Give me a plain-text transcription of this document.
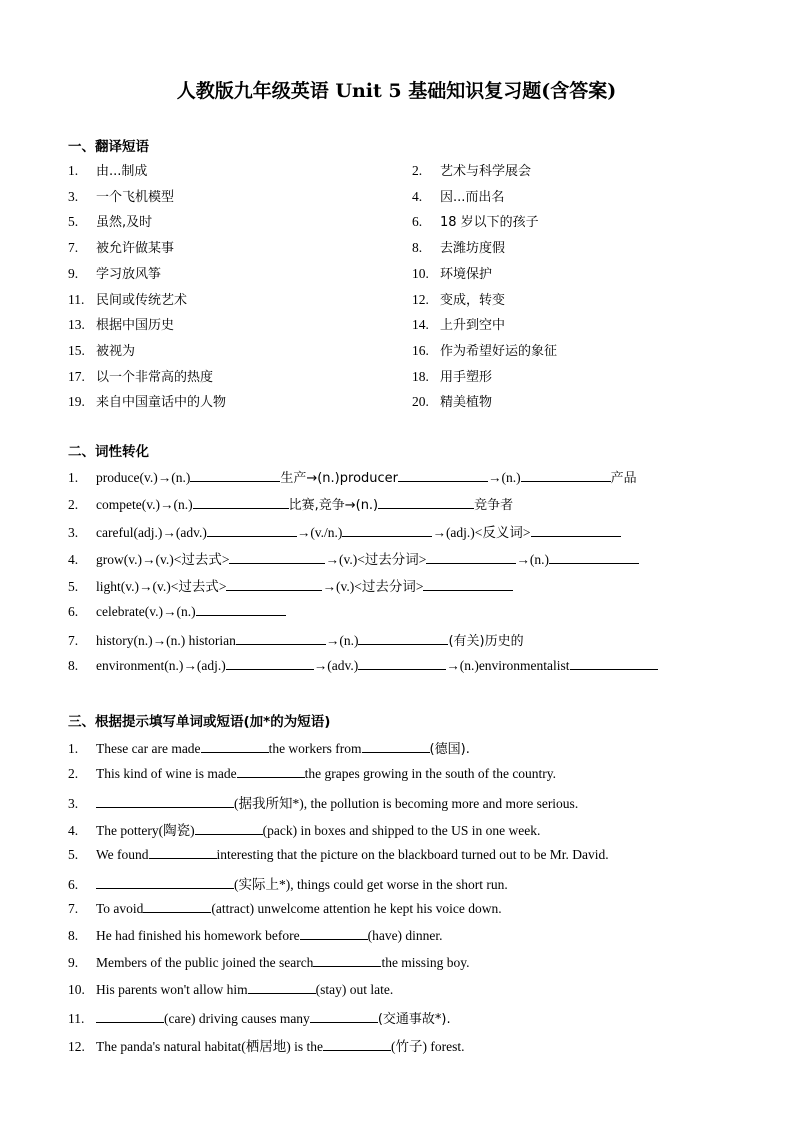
人教版九年级英语 Unit 5 基础知识复习题(含答案)
一、翻译短语
1. 由...制成	2. 艺术与科学展会
3. 一个飞机模型	4. 因...而出名
5. 虽然,及时	6. 18 岁以下的孩子
7. 被允许做某事	8. 去潍坊度假
9. 学习放风筝	10. 环境保护
11. 民间或传统艺术	12. 变成，转变
13. 根据中国历史	14. 上升到空中
15. 被视为	16. 作为希望好运的象征
17. 以一个非常高的热度	18. 用手塑形
19. 来自中国童话中的人物	20. 精美植物
二、词性转化
1. produce(v.)→(n.)	生产→(n.)producer	→(n.)	产品
2. compete(v.)→(n.)	比赛,竞争→(n.)	竞争者
3. careful(adj.)→(adv.)	→(v./n.)	→(adj.)<反义词>
4. grow(v.)→(v.)<过去式>	→(v.)<过去分词>	→(n.)
5. light(v.)→(v.)<过去式>	→(v.)<过去分词>
6. celebrate(v.)→(n.)
7. history(n.)→(n.) historian	→(n.)	(有关)历史的
8. environment(n.)→(adj.)	→(adv.)	→(n.)environmentalist
三、根据提示填写单词或短语(加*的为短语)
1. These car are made	the workers from	(德国).
2. This kind of wine is made	the grapes growing in the south of the country.
3.	(据我所知*), the pollution is becoming more and more serious.
4. The pottery(陶瓷)	(pack) in boxes and shipped to the US in one week.
5. We found	interesting that the picture on the blackboard turned out to be Mr. David.
6.	(实际上*), things could get worse in the short run.
7. To avoid	(attract) unwelcome attention he kept his voice down.
8. He had finished his homework before	(have) dinner.
9. Members of the public joined the search	the missing boy.
10. His parents won't allow him	(stay) out late.
11.	(care) driving causes many	(交通事故*).
12. The panda's natural habitat(栖居地) is the	(竹子) forest.
